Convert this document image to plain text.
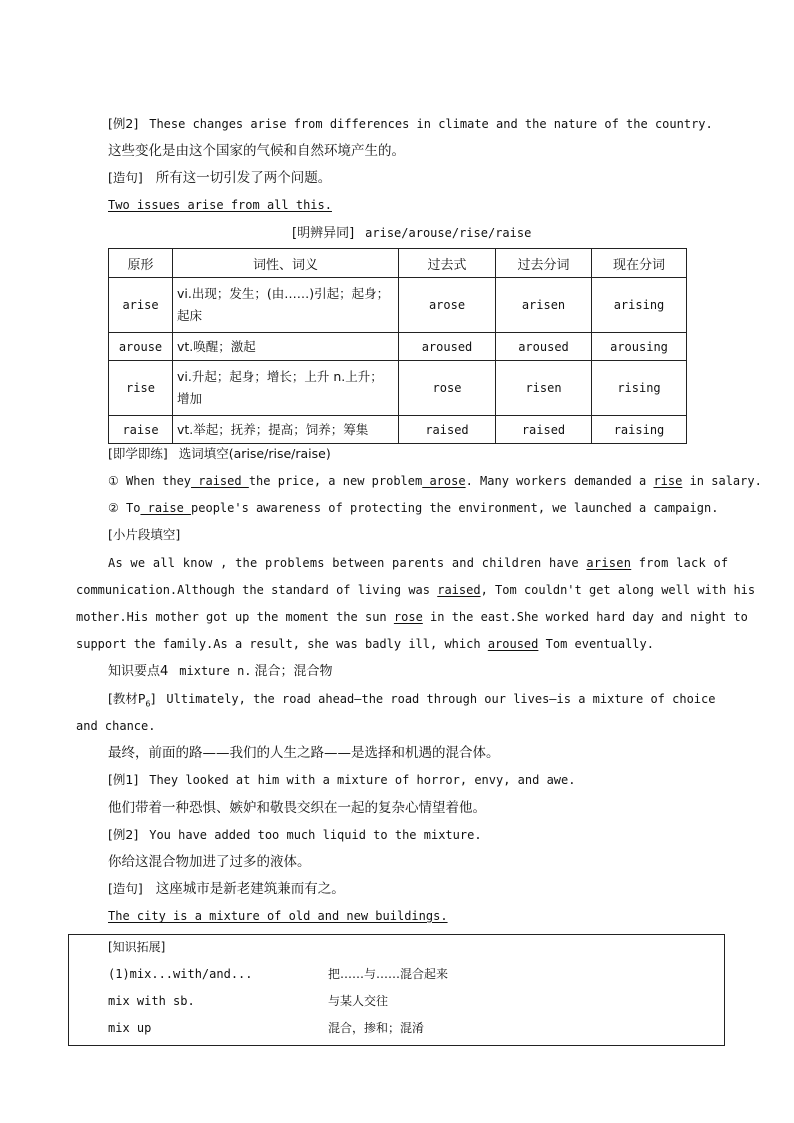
[例2] These changes arise from differences in climate and the nature of the country.
这些变化是由这个国家的气候和自然环境产生的。
[造句] 所有这一切引发了两个问题。
Two issues arise from all this.
[明辨异同] arise/arouse/rise/raise
原形	词性、词义	过去式	过去分词	现在分词
arise	vi.出现；发生；(由……)引起；起身；起床	arose	arisen	arising
arouse	vt.唤醒；激起	aroused	aroused	arousing
rise	vi.升起；起身；增长；上升 n.上升；增加	rose	risen	rising
raise	vt.举起；抚养；提高；饲养；筹集	raised	raised	raising
[即学即练] 选词填空(arise/rise/raise)
① When they raised the price, a new problem arose. Many workers demanded a rise in salary.
② To raise people's awareness of protecting the environment, we launched a campaign.
[小片段填空]
As we all know , the problems between parents and children have arisen from lack of
communication.Although the standard of living was raised, Tom couldn't get along well with his
mother.His mother got up the moment the sun rose in the east.She worked hard day and night to
support the family.As a result, she was badly ill, which aroused Tom eventually.
知识要点4 mixture n. 混合；混合物
[教材$P_6$] Ultimately, the road ahead—the road through our lives—is a mixture of choice
and chance.
最终，前面的路——我们的人生之路——是选择和机遇的混合体。
[例1] They looked at him with a mixture of horror, envy, and awe.
他们带着一种恐惧、嫉妒和敬畏交织在一起的复杂心情望着他。
[例2] You have added too much liquid to the mixture.
你给这混合物加进了过多的液体。
[造句] 这座城市是新老建筑兼而有之。
The city is a mixture of old and new buildings.
[知识拓展]
(1)mix...with/and...	把……与……混合起来
mix with sb.	与某人交往
mix up	混合，掺和；混淆
